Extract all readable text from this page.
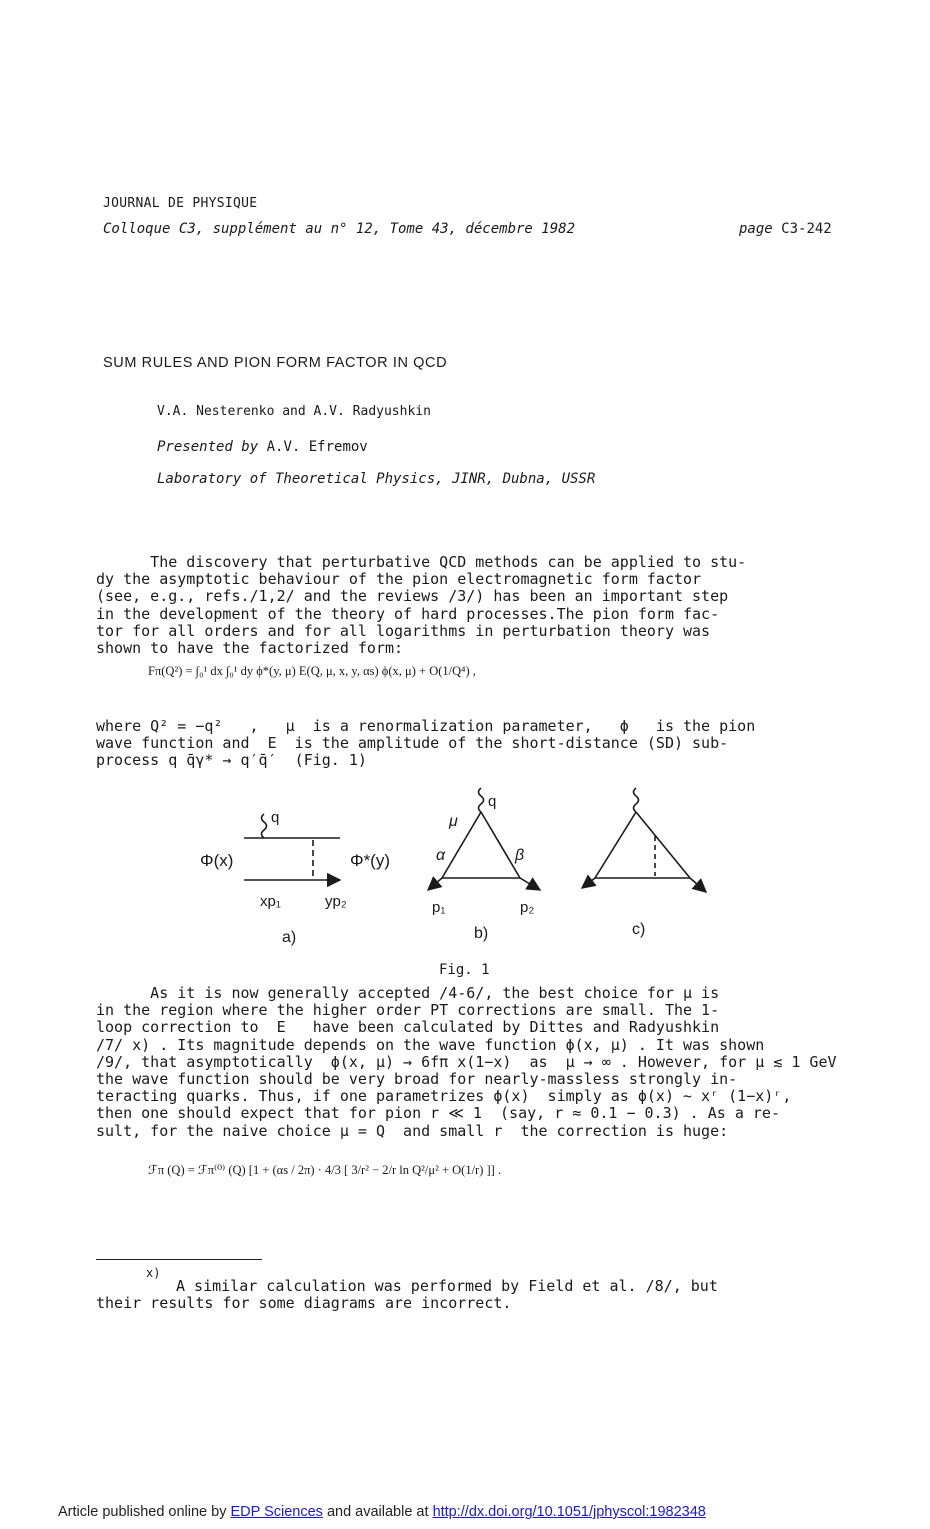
JOURNAL DE PHYSIQUE
Colloque C3, supplément au n° 12, Tome 43, décembre 1982	page C3-242
SUM RULES AND PION FORM FACTOR IN QCD
V.A. Nesterenko and A.V. Radyushkin
Presented by A.V. Efremov
Laboratory of Theoretical Physics, JINR, Dubna, USSR
The discovery that perturbative QCD methods can be applied to stu-
dy the asymptotic behaviour of the pion electromagnetic form factor
(see, e.g., refs./1,2/ and the reviews /3/) has been an important step
in the development of the theory of hard processes.The pion form fac-
tor for all orders and for all logarithms in perturbation theory was
shown to have the factorized form:
Fπ(Q²) = ∫₀¹ dx ∫₀¹ dy ϕ*(y, μ) E(Q, μ, x, y, αs) ϕ(x, μ) + O(1/Q⁴) ,
where Q² = −q²   ,   μ  is a renormalization parameter,   ϕ   is the pion
wave function and  E  is the amplitude of the short-distance (SD) sub-
process q q̄γ* → q′q̄′  (Fig. 1)
q
Φ(x)	Φ*(y)
xp₁	yp₂
a)
μ
q
α	β
p₁	p₂
b)	c)
Fig. 1
As it is now generally accepted /4-6/, the best choice for μ is
in the region where the higher order PT corrections are small. The 1-
loop correction to  E   have been calculated by Dittes and Radyushkin
/7/ x) . Its magnitude depends on the wave function ϕ(x, μ) . It was shown
/9/, that asymptotically  ϕ(x, μ) → 6fπ x(1−x)  as  μ → ∞ . However, for μ ≲ 1 GeV
the wave function should be very broad for nearly-massless strongly in-
teracting quarks. Thus, if one parametrizes ϕ(x)  simply as ϕ(x) ~ xʳ (1−x)ʳ,
then one should expect that for pion r ≪ 1  (say, r ≈ 0.1 − 0.3) . As a re-
sult, for the naive choice μ = Q  and small r  the correction is huge:
ℱπ (Q) = ℱπ⁽⁰⁾ (Q) [1 + (αs / 2π) · 4/3 [ 3/r² − 2/r ln Q²/μ² + O(1/r) ]] .
x)
A similar calculation was performed by Field et al. /8/, but
their results for some diagrams are incorrect.
Article published online by EDP Sciences and available at http://dx.doi.org/10.1051/jphyscol:1982348
